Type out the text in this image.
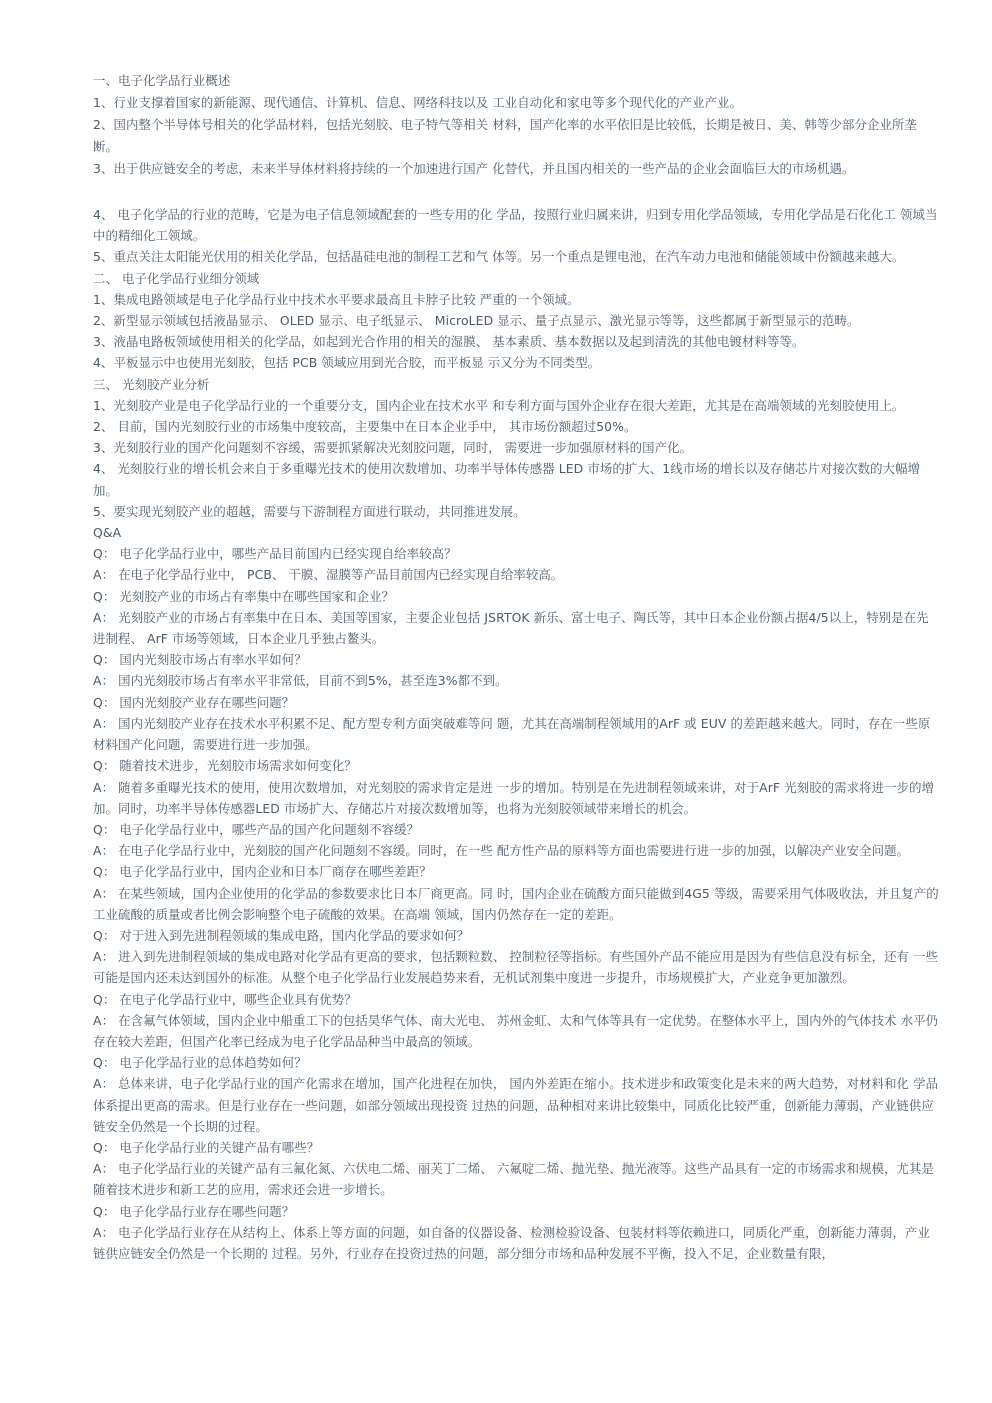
一、电子化学品行业概述

1、行业支撑着国家的新能源、现代通信、计算机、信息、网络科技以及 工业自动化和家电等多个现代化的产业产业。

2、国内整个半导体号相关的化学品材料，包括光刻胶、电子特气等相关 材料，国产化率的水平依旧是比较低，长期是被日、美、韩等少部分企业所垄断。

3、出于供应链安全的考虑，未来半导体材料将持续的一个加速进行国产 化替代，并且国内相关的一些产品的企业会面临巨大的市场机遇。

4、 电子化学品的行业的范畴，它是为电子信息领域配套的一些专用的化 学品，按照行业归属来讲，归到专用化学品领域，专用化学品是石化化工 领域当中的精细化工领域。

5、重点关注太阳能光伏用的相关化学品，包括晶硅电池的制程工艺和气 体等。另一个重点是锂电池，在汽车动力电池和储能领域中份额越来越大。

二、 电子化学品行业细分领域

1、集成电路领域是电子化学品行业中技术水平要求最高且卡脖子比较 严重的一个领域。

2、新型显示领域包括液晶显示、 OLED 显示、电子纸显示、 MicroLED 显示、量子点显示、激光显示等等，这些都属于新型显示的范畴。

3、液晶电路板领域使用相关的化学品，如起到光合作用的相关的湿膜、 基本素质、基本数据以及起到清洗的其他电镀材料等等。

4、平板显示中也使用光刻胶，包括 PCB 领域应用到光合胶，而平板显 示又分为不同类型。

三、 光刻胶产业分析

1、光刻胶产业是电子化学品行业的一个重要分支，国内企业在技术水平 和专利方面与国外企业存在很大差距，尤其是在高端领域的光刻胶使用上。

2、 目前，国内光刻胶行业的市场集中度较高，主要集中在日本企业手中， 其市场份额超过50%。

3、光刻胶行业的国产化问题刻不容缓，需要抓紧解决光刻胶问题，同时， 需要进一步加强原材料的国产化。

4、 光刻胶行业的增长机会来自于多重曝光技术的使用次数增加、功率半导体传感器 LED 市场的扩大、1线市场的增长以及存储芯片对接次数的大幅增加。

5、要实现光刻胶产业的超越，需要与下游制程方面进行联动，共同推进发展。

Q&A

Q： 电子化学品行业中，哪些产品目前国内已经实现自给率较高？

A： 在电子化学品行业中， PCB、 干膜、湿膜等产品目前国内已经实现自给率较高。

Q： 光刻胶产业的市场占有率集中在哪些国家和企业？

A： 光刻胶产业的市场占有率集中在日本、美国等国家，主要企业包括 JSRTOK 新乐、富士电子、陶氏等，其中日本企业份额占据4/5以上，特别是在先进制程、 ArF 市场等领域，日本企业几乎独占鳌头。

Q： 国内光刻胶市场占有率水平如何？

A： 国内光刻胶市场占有率水平非常低，目前不到5%，甚至连3%都不到。

Q： 国内光刻胶产业存在哪些问题？

A： 国内光刻胶产业存在技术水平积累不足、配方型专利方面突破难等问 题，尤其在高端制程领域用的ArF 或 EUV 的差距越来越大。同时，存在一些原材料国产化问题，需要进行进一步加强。

Q： 随着技术进步，光刻胶市场需求如何变化？

A： 随着多重曝光技术的使用，使用次数增加，对光刻胶的需求肯定是进 一步的增加。特别是在先进制程领域来讲，对于ArF 光刻胶的需求将进一步的增加。同时，功率半导体传感器LED 市场扩大、存储芯片对接次数增加等，也将为光刻胶领域带来增长的机会。

Q： 电子化学品行业中，哪些产品的国产化问题刻不容缓？

A： 在电子化学品行业中，光刻胶的国产化问题刻不容缓。同时，在一些 配方性产品的原料等方面也需要进行进一步的加强，以解决产业安全问题。

Q： 电子化学品行业中，国内企业和日本厂商存在哪些差距？

A： 在某些领域，国内企业使用的化学品的参数要求比日本厂商更高。同 时，国内企业在硫酸方面只能做到4G5 等级，需要采用气体吸收法，并且复产的工业硫酸的质量或者比例会影响整个电子硫酸的效果。在高端 领域，国内仍然存在一定的差距。

Q： 对于进入到先进制程领域的集成电路，国内化学品的要求如何？

A： 进入到先进制程领域的集成电路对化学品有更高的要求，包括颗粒数、 控制粒径等指标。有些国外产品不能应用是因为有些信息没有标全，还有 一些可能是国内还未达到国外的标准。从整个电子化学品行业发展趋势来看，无机试剂集中度进一步提升，市场规模扩大，产业竞争更加激烈。

Q： 在电子化学品行业中，哪些企业具有优势？

A： 在含氟气体领域，国内企业中船重工下的包括昊华气体、南大光电、 苏州金虹、太和气体等具有一定优势。在整体水平上，国内外的气体技术 水平仍存在较大差距，但国产化率已经成为电子化学品品种当中最高的领域。

Q： 电子化学品行业的总体趋势如何？

A： 总体来讲，电子化学品行业的国产化需求在增加，国产化进程在加快， 国内外差距在缩小。技术进步和政策变化是未来的两大趋势，对材料和化 学品体系提出更高的需求。但是行业存在一些问题，如部分领域出现投资 过热的问题，品种相对来讲比较集中，同质化比较严重，创新能力薄弱，产业链供应链安全仍然是一个长期的过程。

Q： 电子化学品行业的关键产品有哪些？

A： 电子化学品行业的关键产品有三氟化氮、六伏电二烯、丽芙丁二烯、 六氟啶二烯、抛光垫、抛光液等。这些产品具有一定的市场需求和规模，尤其是随着技术进步和新工艺的应用，需求还会进一步增长。

Q： 电子化学品行业存在哪些问题？

A： 电子化学品行业存在从结构上、体系上等方面的问题，如自备的仪器设备、检测检验设备、包装材料等依赖进口，同质化严重，创新能力薄弱，产业链供应链安全仍然是一个长期的 过程。另外，行业存在投资过热的问题，部分细分市场和品种发展不平衡，投入不足，企业数量有限，
